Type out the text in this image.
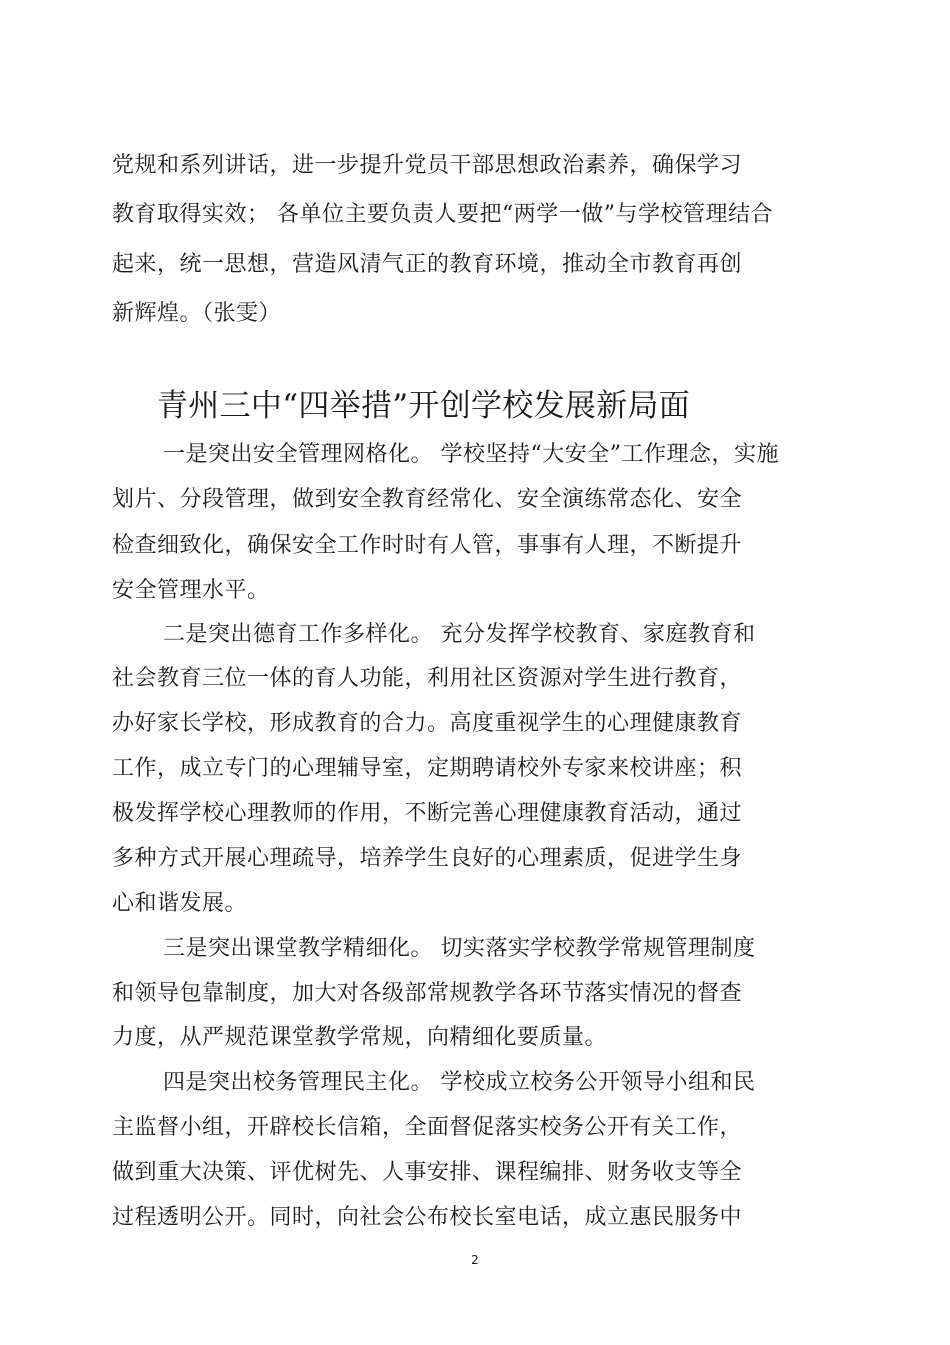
党规和系列讲话，进一步提升党员干部思想政治素养，确保学习
教育取得实效； 各单位主要负责人要把“两学一做”与学校管理结合
起来，统一思想，营造风清气正的教育环境，推动全市教育再创
新辉煌。（张雯）
青州三中“四举措”开创学校发展新局面
一是突出安全管理网格化。 学校坚持“大安全”工作理念，实施
划片、分段管理，做到安全教育经常化、安全演练常态化、安全
检查细致化，确保安全工作时时有人管，事事有人理，不断提升
安全管理水平。
二是突出德育工作多样化。 充分发挥学校教育、家庭教育和
社会教育三位一体的育人功能，利用社区资源对学生进行教育，
办好家长学校，形成教育的合力。高度重视学生的心理健康教育
工作，成立专门的心理辅导室，定期聘请校外专家来校讲座；积
极发挥学校心理教师的作用，不断完善心理健康教育活动，通过
多种方式开展心理疏导，培养学生良好的心理素质，促进学生身
心和谐发展。
三是突出课堂教学精细化。 切实落实学校教学常规管理制度
和领导包靠制度，加大对各级部常规教学各环节落实情况的督查
力度，从严规范课堂教学常规，向精细化要质量。
四是突出校务管理民主化。 学校成立校务公开领导小组和民
主监督小组，开辟校长信箱，全面督促落实校务公开有关工作，
做到重大决策、评优树先、人事安排、课程编排、财务收支等全
过程透明公开。同时，向社会公布校长室电话，成立惠民服务中
2
